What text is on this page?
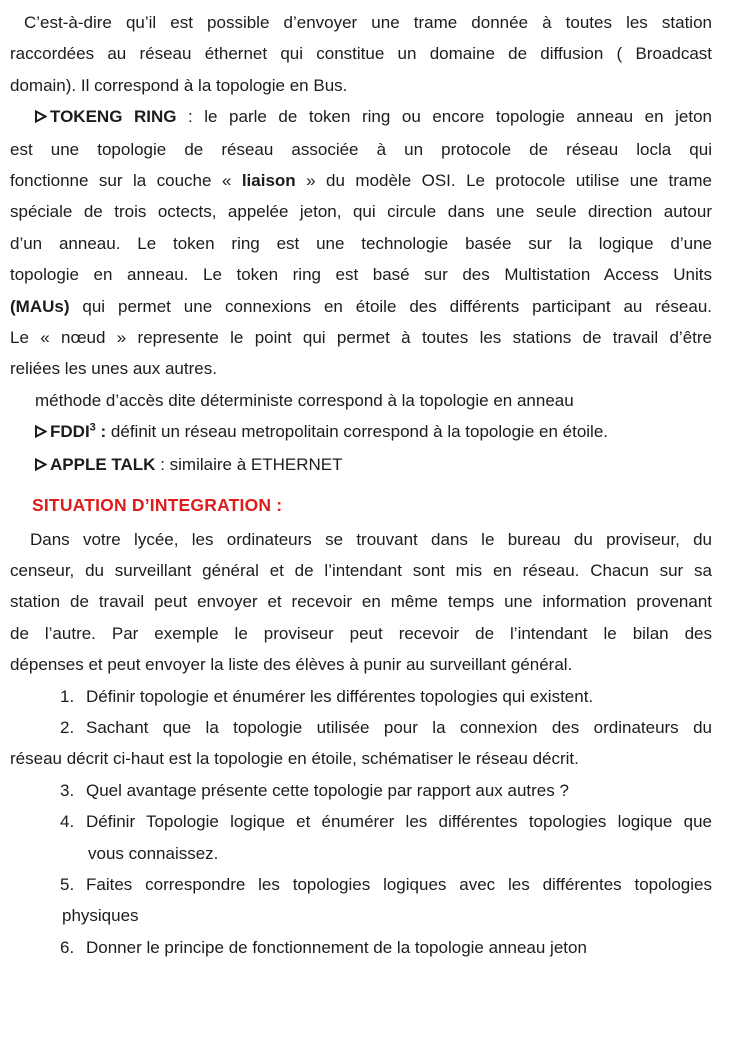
C’est-à-dire qu’il est possible d’envoyer une trame donnée à toutes les station
raccordées au réseau éthernet qui constitue un domaine de diffusion ( Broadcast
domain). Il correspond à la topologie en Bus.
TOKENG RING : le parle de token ring ou encore topologie anneau en jeton
est une topologie de réseau associée à un protocole de réseau locla qui
fonctionne sur la couche « liaison » du modèle OSI. Le protocole utilise une trame
spéciale de trois octects, appelée jeton, qui circule dans une seule direction autour
d’un anneau. Le token ring est une technologie basée sur la logique d’une
topologie en anneau. Le token ring est basé sur des Multistation Access Units
(MAUs) qui permet une connexions en étoile des différents participant au réseau.
Le « nœud » represente le point qui permet à toutes les stations de travail d’être
reliées les unes aux autres.
méthode d’accès dite déterministe correspond à la topologie en anneau
FDDI$^3$ : définit un réseau metropolitain correspond à la topologie en étoile.
APPLE TALK : similaire à ETHERNET
SITUATION D’INTEGRATION :
Dans votre lycée, les ordinateurs se trouvant dans le bureau du proviseur, du
censeur, du surveillant général et de l’intendant sont mis en réseau. Chacun sur sa
station de travail peut envoyer et recevoir en même temps une information provenant
de l’autre. Par exemple le proviseur peut recevoir de l’intendant le bilan des
dépenses et peut envoyer la liste des élèves à punir au surveillant général.
1. Définir topologie et énumérer les différentes topologies qui existent.
2. Sachant que la topologie utilisée pour la connexion des ordinateurs du
réseau décrit ci-haut est la topologie en étoile, schématiser le réseau décrit.
3. Quel avantage présente cette topologie par rapport aux autres ?
4. Définir Topologie logique et énumérer les différentes topologies logique que
vous connaissez.
5. Faites correspondre les topologies logiques avec les différentes topologies
physiques
6. Donner le principe de fonctionnement de la topologie anneau jeton
